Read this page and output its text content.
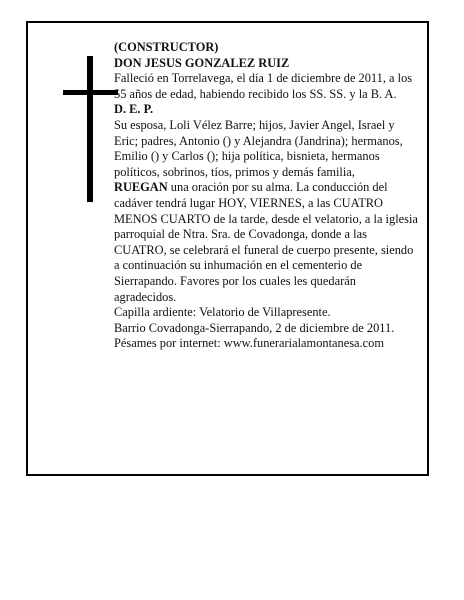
(CONSTRUCTOR)

DON JESUS GONZALEZ RUIZ

Falleció en Torrelavega, el día 1 de diciembre de 2011, a los 55 años de edad, habiendo recibido los SS. SS. y la B. A.

D. E. P.

Su esposa, Loli Vélez Barre; hijos, Javier Angel, Israel y Eric; padres, Antonio () y Alejandra (Jandrina); hermanos, Emilio () y Carlos (); hija política, bisnieta, hermanos políticos, sobrinos, tíos, primos y demás familia,

RUEGAN una oración por su alma. La conducción del cadáver tendrá lugar HOY, VIERNES, a las CUATRO MENOS CUARTO de la tarde, desde el velatorio, a la iglesia parroquial de Ntra. Sra. de Covadonga, donde a las CUATRO, se celebrará el funeral de cuerpo presente, siendo a continuación su inhumación en el cementerio de Sierrapando. Favores por los cuales les quedarán agradecidos.

Capilla ardiente: Velatorio de Villapresente.

Barrio Covadonga-Sierrapando, 2 de diciembre de 2011.

Pésames por internet: www.funerarialamontanesa.com
